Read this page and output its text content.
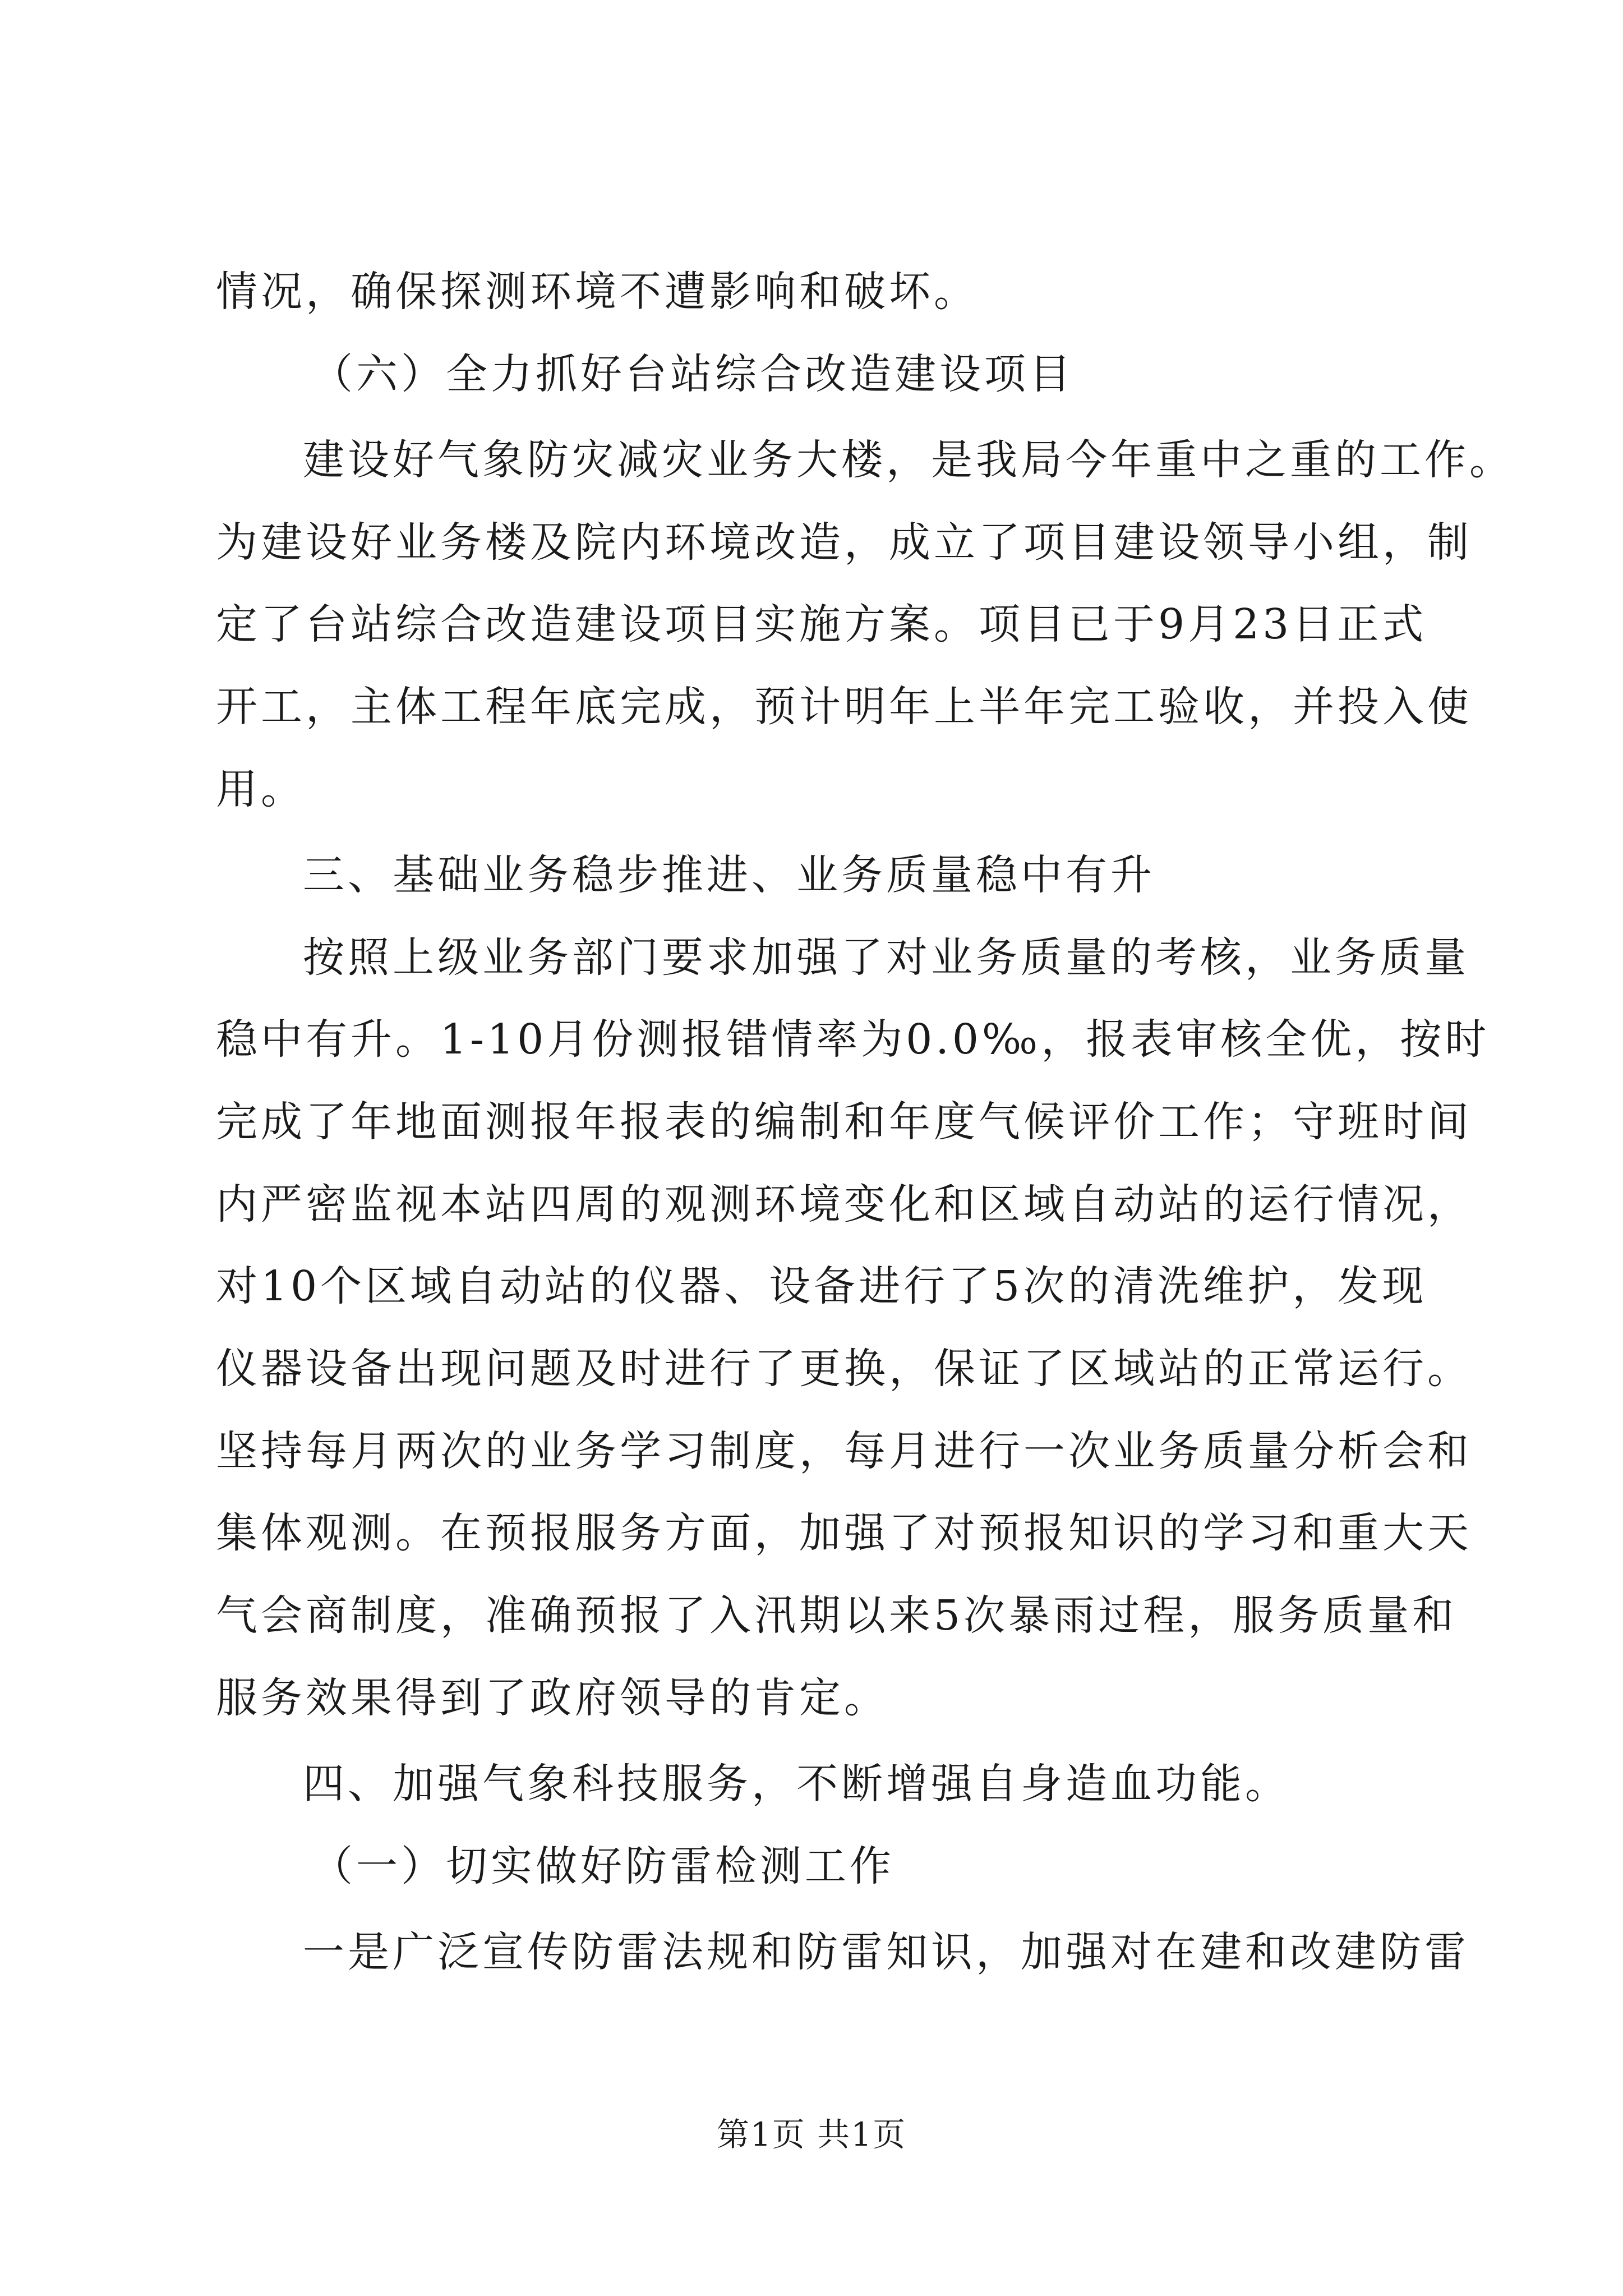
情况，确保探测环境不遭影响和破坏。
（六）全力抓好台站综合改造建设项目
建设好气象防灾减灾业务大楼，是我局今年重中之重的工作。
为建设好业务楼及院内环境改造，成立了项目建设领导小组，制
定了台站综合改造建设项目实施方案。项目已于9月23日正式
开工，主体工程年底完成，预计明年上半年完工验收，并投入使
用。
三、基础业务稳步推进、业务质量稳中有升
按照上级业务部门要求加强了对业务质量的考核，业务质量
稳中有升。1-10月份测报错情率为0.0‰，报表审核全优，按时
完成了年地面测报年报表的编制和年度气候评价工作；守班时间
内严密监视本站四周的观测环境变化和区域自动站的运行情况，
对10个区域自动站的仪器、设备进行了5次的清洗维护，发现
仪器设备出现问题及时进行了更换，保证了区域站的正常运行。
坚持每月两次的业务学习制度，每月进行一次业务质量分析会和
集体观测。在预报服务方面，加强了对预报知识的学习和重大天
气会商制度，准确预报了入汛期以来5次暴雨过程，服务质量和
服务效果得到了政府领导的肯定。
四、加强气象科技服务，不断增强自身造血功能。
（一）切实做好防雷检测工作
一是广泛宣传防雷法规和防雷知识，加强对在建和改建防雷
第1页 共1页
